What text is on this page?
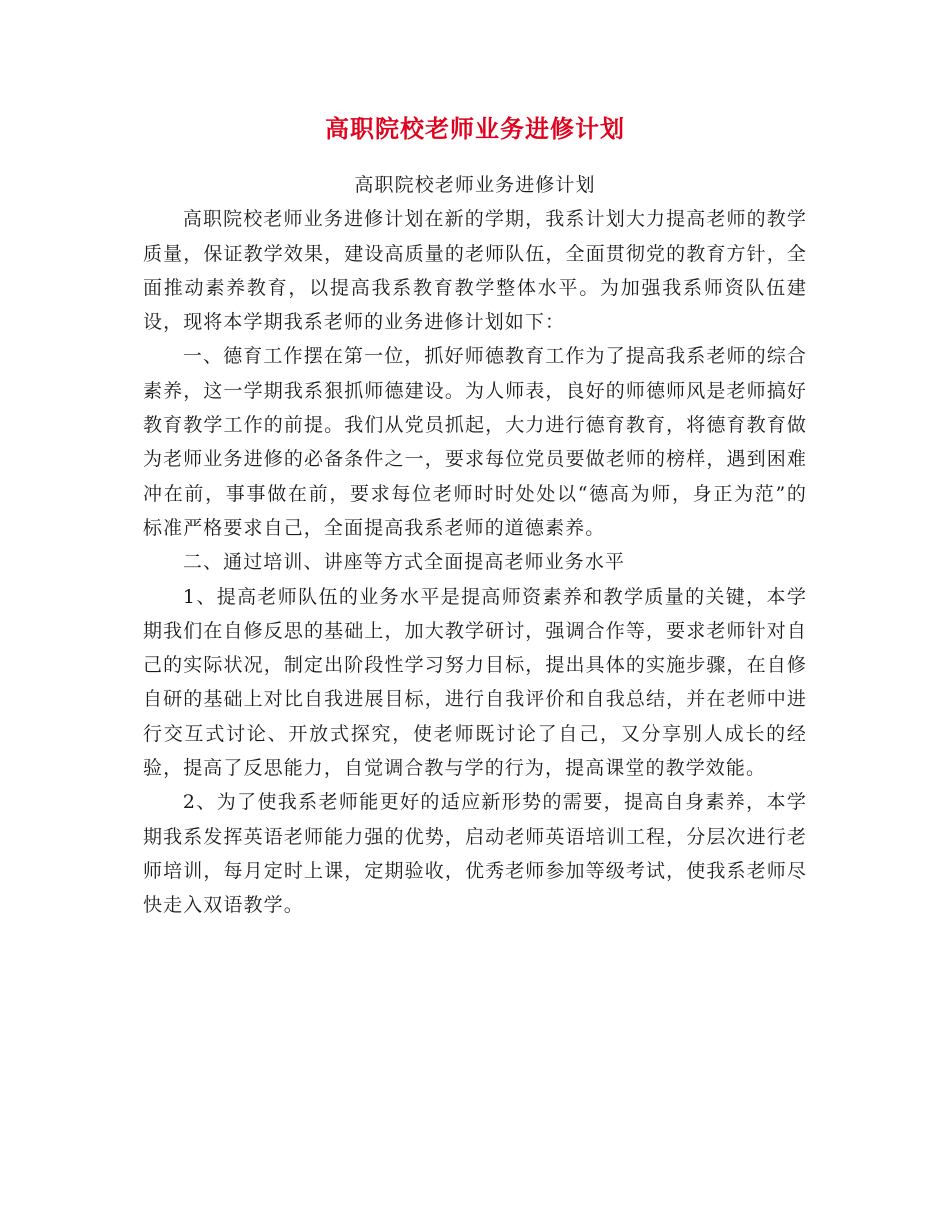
高职院校老师业务进修计划

高职院校老师业务进修计划

高职院校老师业务进修计划在新的学期，我系计划大力提高老师的教学质量，保证教学效果，建设高质量的老师队伍，全面贯彻党的教育方针，全面推动素养教育，以提高我系教育教学整体水平。为加强我系师资队伍建设，现将本学期我系老师的业务进修计划如下：

一、德育工作摆在第一位，抓好师德教育工作为了提高我系老师的综合素养，这一学期我系狠抓师德建设。为人师表，良好的师德师风是老师搞好教育教学工作的前提。我们从党员抓起，大力进行德育教育，将德育教育做为老师业务进修的必备条件之一，要求每位党员要做老师的榜样，遇到困难冲在前，事事做在前，要求每位老师时时处处以“德高为师，身正为范”的标准严格要求自己，全面提高我系老师的道德素养。

二、通过培训、讲座等方式全面提高老师业务水平

1、提高老师队伍的业务水平是提高师资素养和教学质量的关键，本学期我们在自修反思的基础上，加大教学研讨，强调合作等，要求老师针对自己的实际状况，制定出阶段性学习努力目标，提出具体的实施步骤，在自修自研的基础上对比自我进展目标，进行自我评价和自我总结，并在老师中进行交互式讨论、开放式探究，使老师既讨论了自己，又分享别人成长的经验，提高了反思能力，自觉调合教与学的行为，提高课堂的教学效能。

2、为了使我系老师能更好的适应新形势的需要，提高自身素养，本学期我系发挥英语老师能力强的优势，启动老师英语培训工程，分层次进行老师培训，每月定时上课，定期验收，优秀老师参加等级考试，使我系老师尽快走入双语教学。
